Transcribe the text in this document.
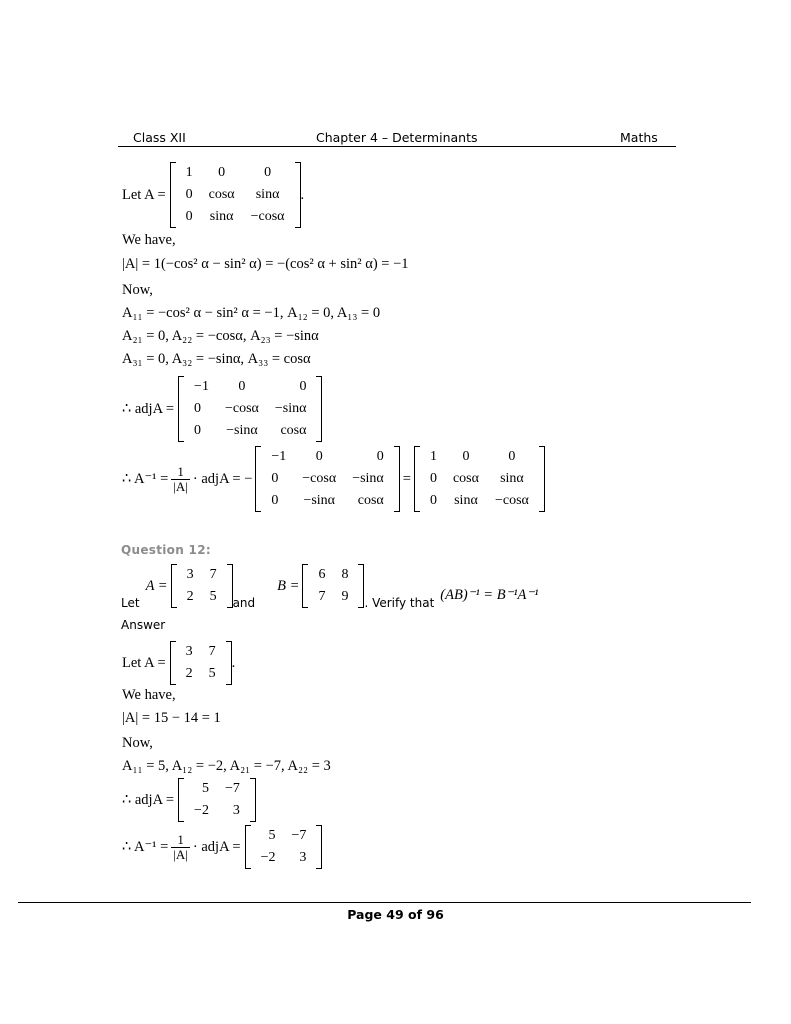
Class XII	Chapter 4 – Determinants	Maths
Let A =
1	0	0
0	cosα	sinα
0	sinα	−cosα
.
We have,
|A| = 1(−cos² α − sin² α) = −(cos² α + sin² α) = −1
Now,
A₁₁ = −cos² α − sin² α = −1, A₁₂ = 0, A₁₃ = 0
A₂₁ = 0, A₂₂ = −cosα, A₂₃ = −sinα
A₃₁ = 0, A₃₂ = −sinα, A₃₃ = cosα
∴ adjA =
−1	0	0
0	−cosα	−sinα
0	−sinα	cosα
∴ $A^{-1} = \frac{1}{|A|}$ · adjA = −
−1	0	0
0	−cosα	−sinα
0	−sinα	cosα
=
1	0	0
0	cosα	sinα
0	sinα	−cosα
Question 12:
Let
A =
3	7
2	5 and
B =
6	8
7	9 . Verify that (AB)⁻¹ = B⁻¹A⁻¹
Answer
Let A =
3	7
2	5
.
We have,
|A| = 15 − 14 = 1
Now,
A₁₁ = 5, A₁₂ = −2, A₂₁ = −7, A₂₂ = 3
∴ adjA =
5	−7
−2	3
∴ $A^{-1} = \frac{1}{|A|}$ · adjA =
5	−7
−2	3
Page 49 of 96
